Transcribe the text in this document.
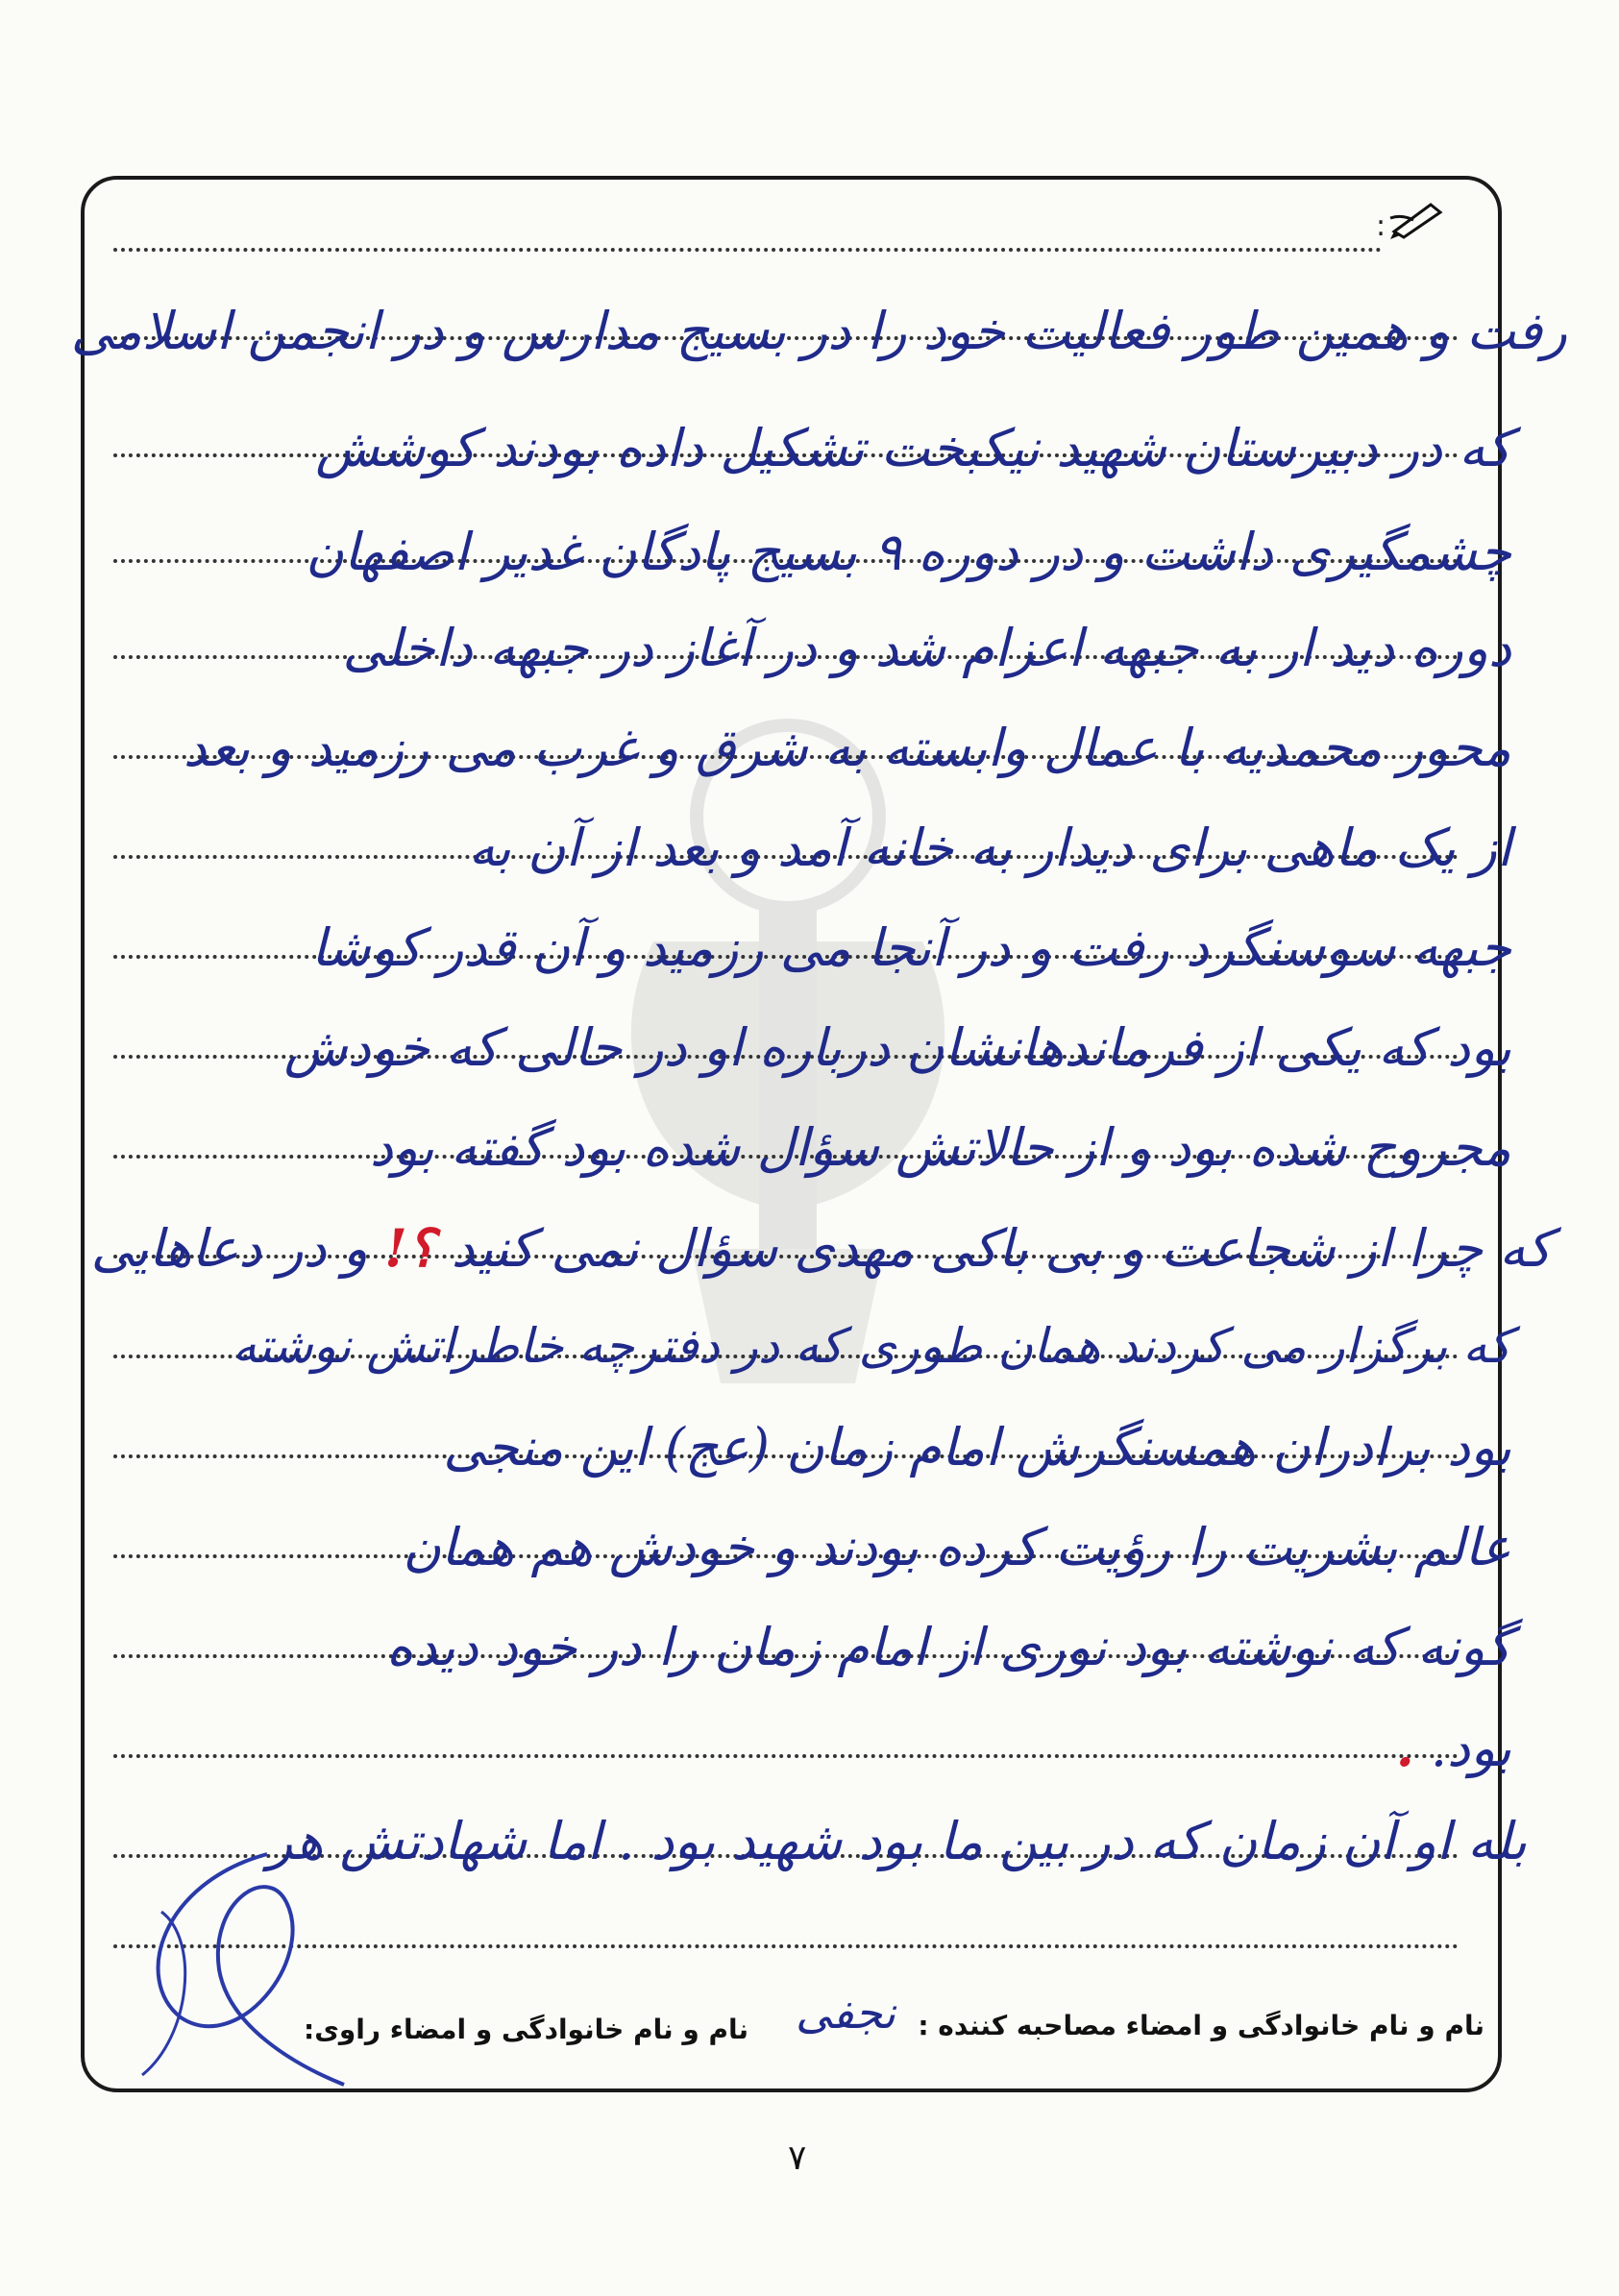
:
رفت و همین طور فعالیت خود را در بسیج مدارس و در انجمن اسلامی
که در دبیرستان شهید نیکبخت تشکیل داده بودند کوشش
چشمگیری داشت و در دوره ۹ بسیج پادگان غدیر اصفهان
دوره دید ار به جبهه اعزام شد و در آغاز در جبهه داخلی
محور محمدیه با عمال وابسته به شرق و غرب می رزمید و بعد
از یک ماهی برای دیدار به خانه آمد و بعد از آن به
جبهه سوسنگرد رفت و در آنجا می رزمید و آن قدر کوشا
بود که یکی از فرماندهانشان درباره او در حالی که خودش
مجروح شده بود و از حالاتش سؤال شده بود گفته بود
که چرا از شجاعت و بی باکی مهدی سؤال نمی کنید ؟! و در دعاهایی
که برگزار می کردند همان طوری که در دفترچه خاطراتش نوشته
بود برادران همسنگرش امام زمان (عج) این منجی
عالم بشریت را رؤیت کرده بودند و خودش هم همان
گونه که نوشته بود نوری از امام زمان را در خود دیده
بود. .
بله او آن زمان که در بین ما بود شهید بود . اما شهادتش هر
نام و نام خانوادگی و امضاء مصاحبه کننده :
نجفی
نام و نام خانوادگی و امضاء راوی:
۷
